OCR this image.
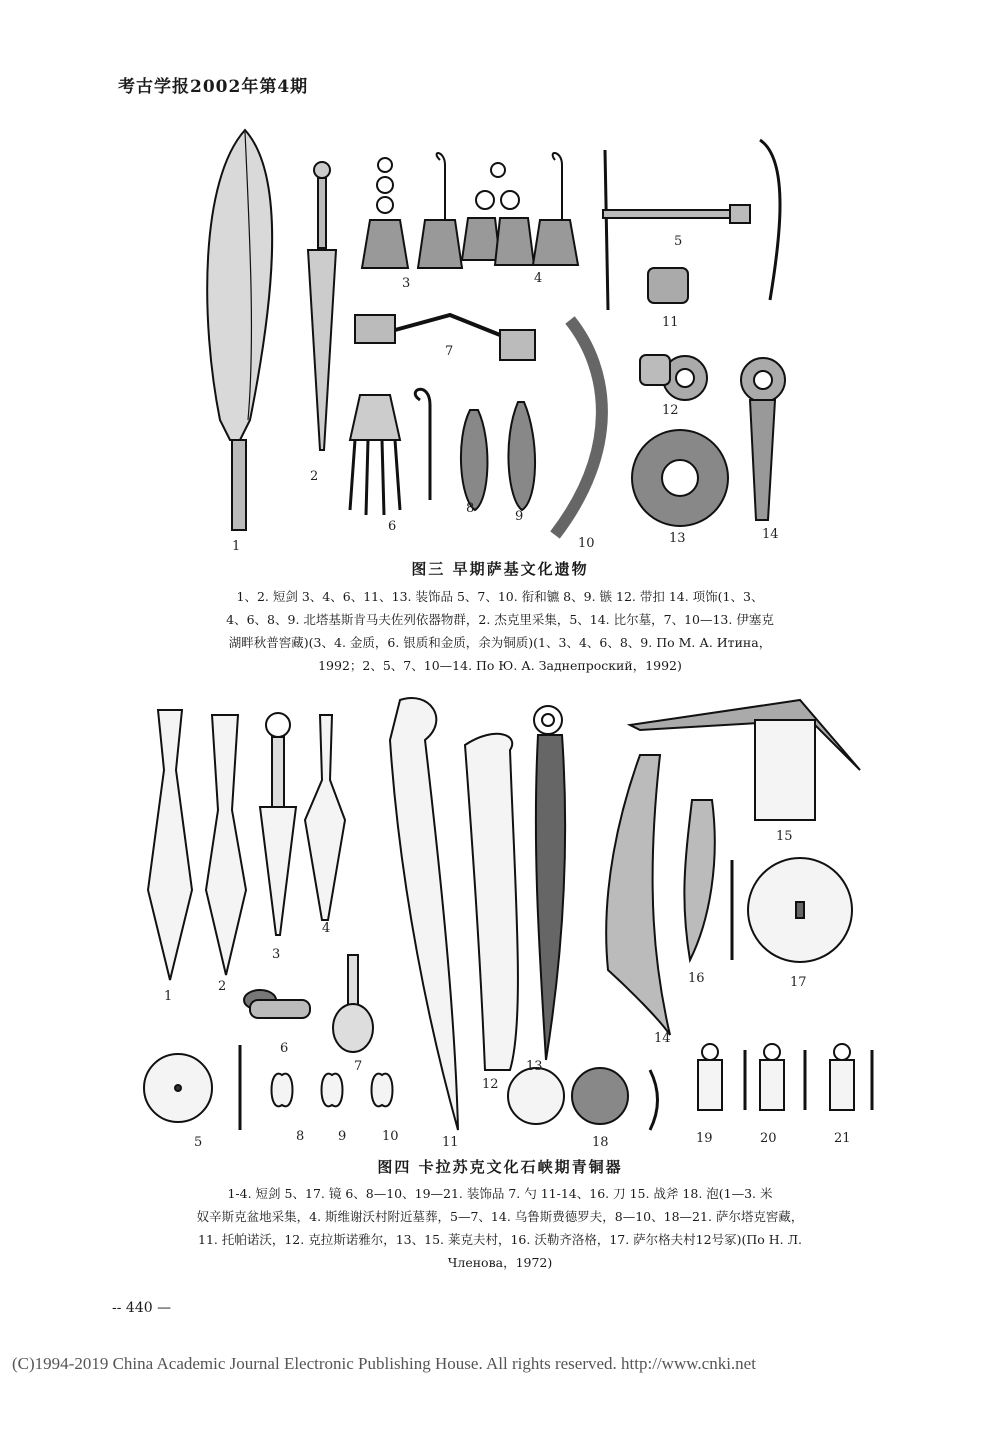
考古学报2002年第4期
1
2
3	4
5
6
7
8
9
10
11
12
13	14
图三 早期萨基文化遗物

1、2. 短剑 3、4、6、11、13. 装饰品 5、7、10. 衔和镳 8、9. 镞 12. 带扣 14. 项饰(1、3、

4、6、8、9. 北塔基斯肯马夫佐列依器物群，2. 杰克里采集，5、14. 比尔墓，7、10—13. 伊塞克

湖畔秋普窖藏)(3、4. 金质，6. 银质和金质，余为铜质)(1、3、4、6、8、9. По М. А. Итина，

1992；2、5、7、10—14. По Ю. А. Заднепроский，1992)

1
2
3
4
5
6
7
8	9	10	11
12
13
14
15
16	17
18	19	20	21
图四 卡拉苏克文化石峡期青铜器

1-4. 短剑 5、17. 镜 6、8—10、19—21. 装饰品 7. 勺 11-14、16. 刀 15. 战斧 18. 泡(1—3. 米

奴辛斯克盆地采集，4. 斯维谢沃村附近墓葬，5—7、14. 乌鲁斯费德罗夫，8—10、18—21. 萨尔塔克窖藏，

11. 托帕诺沃，12. 克拉斯诺雅尔，13、15. 莱克夫村，16. 沃勒齐洛格，17. 萨尔格夫村12号冢)(По Н. Л.

Членова，1972)

-- 440 —
(C)1994-2019 China Academic Journal Electronic Publishing House. All rights reserved. http://www.cnki.net
